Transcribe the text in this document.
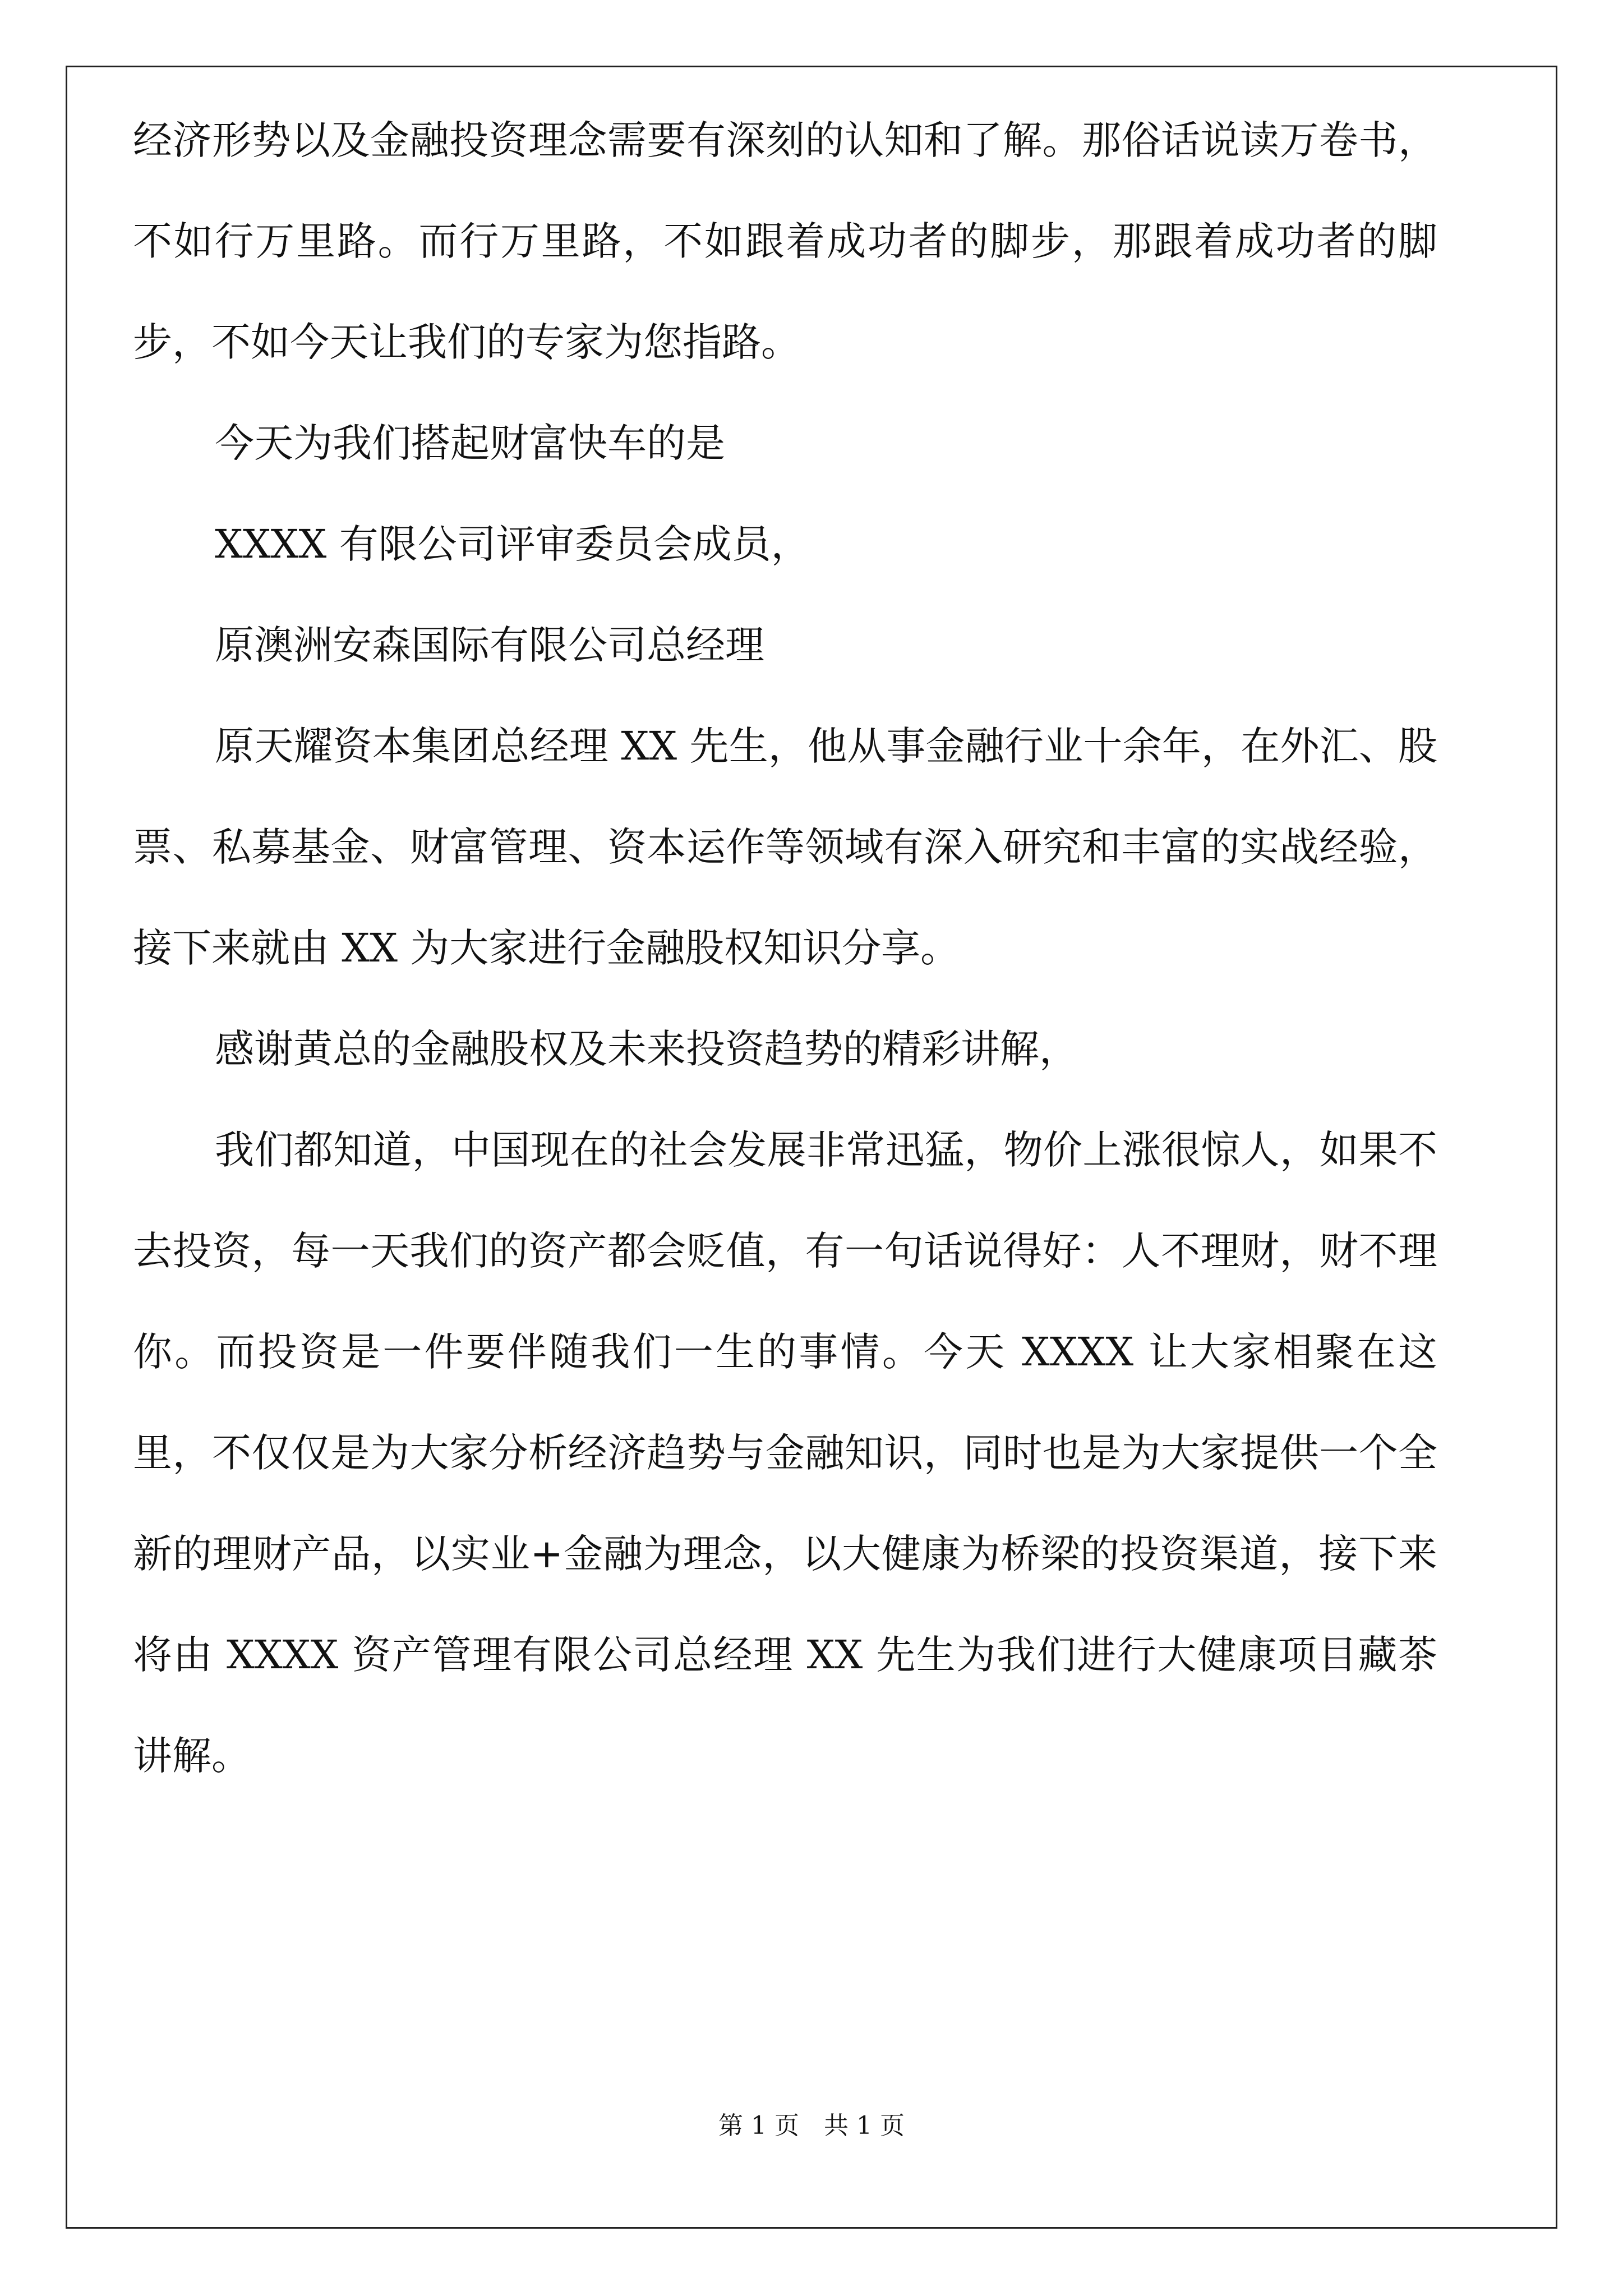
经济形势以及金融投资理念需要有深刻的认知和了解。那俗话说读万卷书，不如行万里路。而行万里路，不如跟着成功者的脚步，那跟着成功者的脚步，不如今天让我们的专家为您指路。

今天为我们搭起财富快车的是

XXXX 有限公司评审委员会成员，

原澳洲安森国际有限公司总经理

原天耀资本集团总经理 XX 先生，他从事金融行业十余年，在外汇、股票、私募基金、财富管理、资本运作等领域有深入研究和丰富的实战经验，接下来就由 XX 为大家进行金融股权知识分享。

感谢黄总的金融股权及未来投资趋势的精彩讲解，

我们都知道，中国现在的社会发展非常迅猛，物价上涨很惊人，如果不去投资，每一天我们的资产都会贬值，有一句话说得好：人不理财，财不理你。而投资是一件要伴随我们一生的事情。今天 XXXX 让大家相聚在这里，不仅仅是为大家分析经济趋势与金融知识，同时也是为大家提供一个全新的理财产品，以实业+金融为理念，以大健康为桥梁的投资渠道，接下来将由 XXXX 资产管理有限公司总经理 XX 先生为我们进行大健康项目藏茶讲解。

第 1 页　共 1 页
